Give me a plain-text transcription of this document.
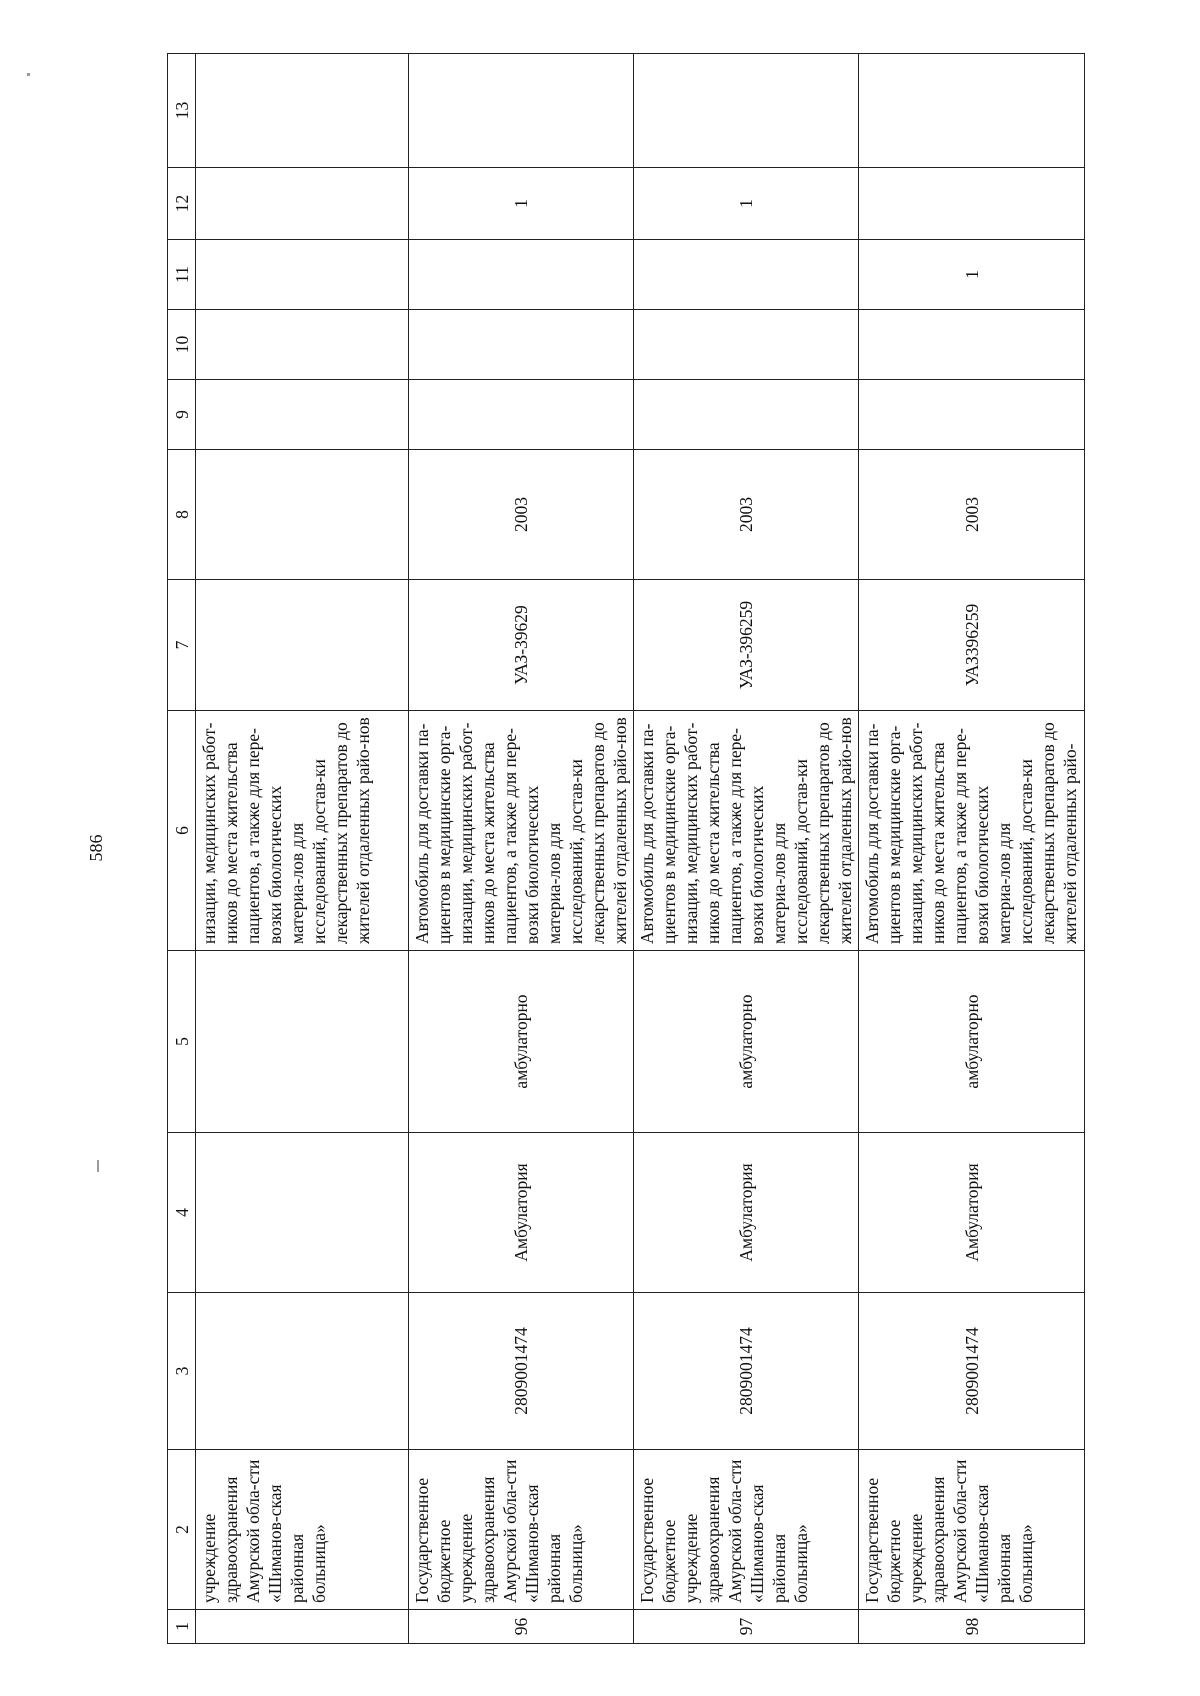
586
1	2	3	4	5	6	7	8	9	10	11	12	13
	учреждение здравоохранения Амурской обла-сти «Шиманов-ская районная больница»				низации, медицинских работ-ников до места жительства пациентов, а также для пере-возки биологических материа-лов для исследований, достав-ки лекарственных препаратов до жителей отдаленных райо-нов							
96	Государственное бюджетное учреждение здравоохранения Амурской обла-сти «Шиманов-ская районная больница»	2809001474	Амбулатория	амбулаторно	Автомобиль для доставки па-циентов в медицинские орга-низации, медицинских работ-ников до места жительства пациентов, а также для пере-возки биологических материа-лов для исследований, достав-ки лекарственных препаратов до жителей отдаленных райо-нов	УАЗ-39629	2003				1	
97	Государственное бюджетное учреждение здравоохранения Амурской обла-сти «Шиманов-ская районная больница»	2809001474	Амбулатория	амбулаторно	Автомобиль для доставки па-циентов в медицинские орга-низации, медицинских работ-ников до места жительства пациентов, а также для пере-возки биологических материа-лов для исследований, достав-ки лекарственных препаратов до жителей отдаленных райо-нов	УАЗ-396259	2003				1	
98	Государственное бюджетное учреждение здравоохранения Амурской обла-сти «Шиманов-ская районная больница»	2809001474	Амбулатория	амбулаторно	Автомобиль для доставки па-циентов в медицинские орга-низации, медицинских работ-ников до места жительства пациентов, а также для пере-возки биологических материа-лов для исследований, достав-ки лекарственных препаратов до жителей отдаленных райо-	УАЗ396259	2003			1		
